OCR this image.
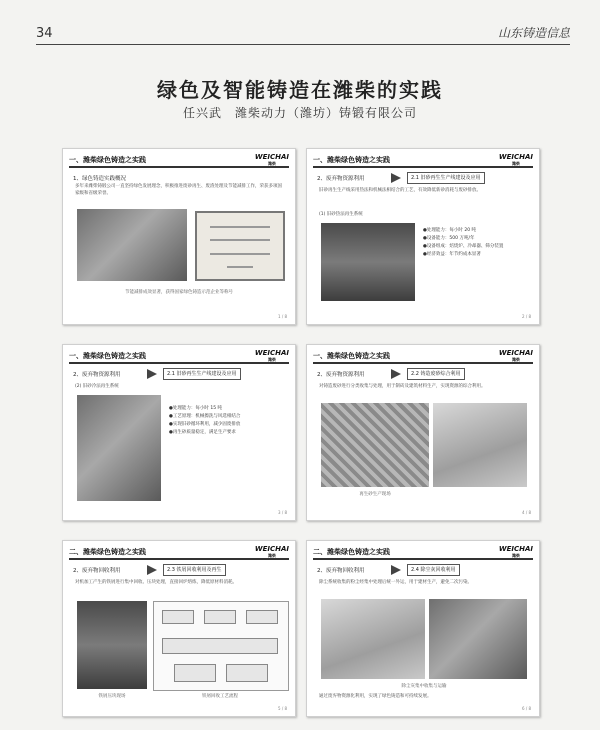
34	山东铸造信息
绿色及智能铸造在潍柴的实践
任兴武　潍柴动力（潍坊）铸锻有限公司
一、潍柴绿色铸造之实践	WEICHAI
潍柴
1、绿色铸造实践概况
多年来潍柴铸锻公司一直坚持绿色发展理念，积极推进废砂再生、废渣处理及节能减排工作，荣获多项国家级和省级荣誉。
节能减排成效显著，获得国家绿色铸造示范企业等称号
1 / 8
一、潍柴绿色铸造之实践	WEICHAI
潍柴
2、废弃物资源利用	2.1 旧砂再生生产线建设及应用
旧砂再生生产线采用热法和机械法相结合的工艺，有效降低新砂消耗与废砂排放。
(1) 旧砂热法再生系统
●处理能力：每小时 20 吨
●设备能力：500 万吨/年
●设备组成：焙烧炉、冷却器、筛分装置
●经济效益：年节约成本显著
2 / 8
一、潍柴绿色铸造之实践	WEICHAI
潍柴
2、废弃物资源利用	2.1 旧砂再生生产线建设及应用
(2) 旧砂冷法再生系统
●处理能力：每小时 15 吨
●工艺原理：机械擦洗与风选相结合
●实现旧砂循环利用，减少固废排放
●再生砂质量稳定，满足生产要求
3 / 8
一、潍柴绿色铸造之实践	WEICHAI
潍柴
2、废弃物资源利用	2.2 铸造废砂综合利用
对铸造废砂进行分类收集与处理，用于制砖及建筑材料生产，实现资源的综合利用。
再生砂生产现场
4 / 8
二、潍柴绿色铸造之实践	WEICHAI
潍柴
2、废弃物回收利用	2.3 铁屑回收利用及再生
对机加工产生的铁屑进行集中回收、压块处理，直接回炉熔炼，降低原材料消耗。
铁屑压块现场	铁屑回收工艺流程
5 / 8
二、潍柴绿色铸造之实践	WEICHAI
潍柴
2、废弃物回收利用	2.4 除尘灰回收利用
除尘系统收集的粉尘经集中处理后统一外运，用于建材生产，避免二次污染。
除尘灰集中收集与运输
通过废弃物资源化利用，实现了绿色铸造和可持续发展。
6 / 8
